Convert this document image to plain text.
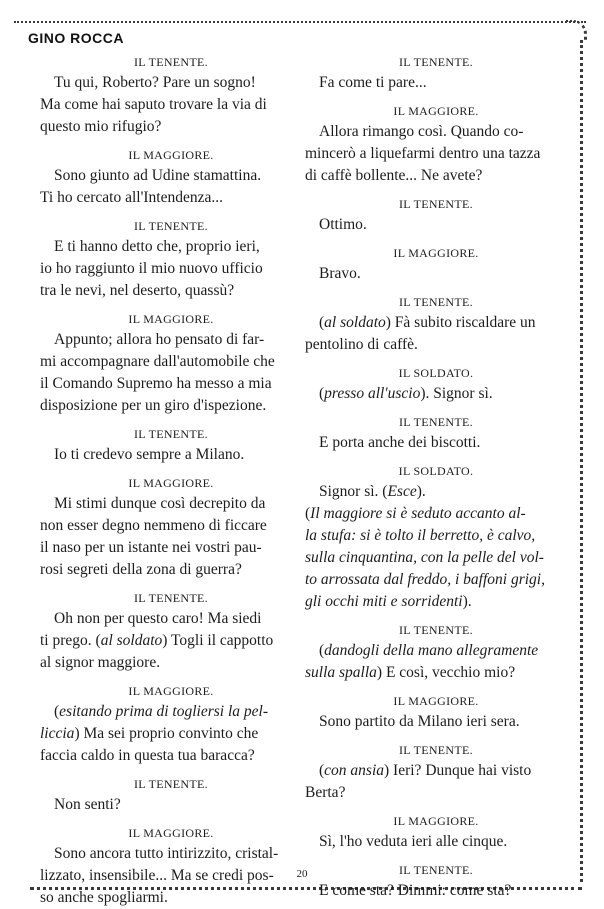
GINO ROCCA
IL TENENTE.
Tu qui, Roberto? Pare un sogno!
Ma come hai saputo trovare la via di
questo mio rifugio?
IL MAGGIORE.
Sono giunto ad Udine stamattina.
Ti ho cercato all'Intendenza...
IL TENENTE.
E ti hanno detto che, proprio ieri,
io ho raggiunto il mio nuovo ufficio
tra le nevi, nel deserto, quassù?
IL MAGGIORE.
Appunto; allora ho pensato di far-
mi accompagnare dall'automobile che
il Comando Supremo ha messo a mia
disposizione per un giro d'ispezione.
IL TENENTE.
Io ti credevo sempre a Milano.
IL MAGGIORE.
Mi stimi dunque così decrepito da
non esser degno nemmeno di ficcare
il naso per un istante nei vostri pau-
rosi segreti della zona di guerra?
IL TENENTE.
Oh non per questo caro! Ma siedi
ti prego. (al soldato) Togli il cappotto
al signor maggiore.
IL MAGGIORE.
(esitando prima di togliersi la pel-
liccia) Ma sei proprio convinto che
faccia caldo in questa tua baracca?
IL TENENTE.
Non senti?
IL MAGGIORE.
Sono ancora tutto intirizzito, cristal-
lizzato, insensibile... Ma se credi pos-
so anche spogliarmi.
IL TENENTE.
Fa come ti pare...
IL MAGGIORE.
Allora rimango così. Quando co-
mincerò a liquefarmi dentro una tazza
di caffè bollente... Ne avete?
IL TENENTE.
Ottimo.
IL MAGGIORE.
Bravo.
IL TENENTE.
(al soldato) Fà subito riscaldare un
pentolino di caffè.
IL SOLDATO.
(presso all'uscio). Signor sì.
IL TENENTE.
E porta anche dei biscotti.
IL SOLDATO.
Signor sì. (Esce).
(Il maggiore si è seduto accanto al-
la stufa: si è tolto il berretto, è calvo,
sulla cinquantina, con la pelle del vol-
to arrossata dal freddo, i baffoni grigi,
gli occhi miti e sorridenti).
IL TENENTE.
(dandogli della mano allegramente
sulla spalla) E così, vecchio mio?
IL MAGGIORE.
Sono partito da Milano ieri sera.
IL TENENTE.
(con ansia) Ieri? Dunque hai visto
Berta?
IL MAGGIORE.
Sì, l'ho veduta ieri alle cinque.
IL TENENTE.
E come sta? Dimmi: come sta?
20
